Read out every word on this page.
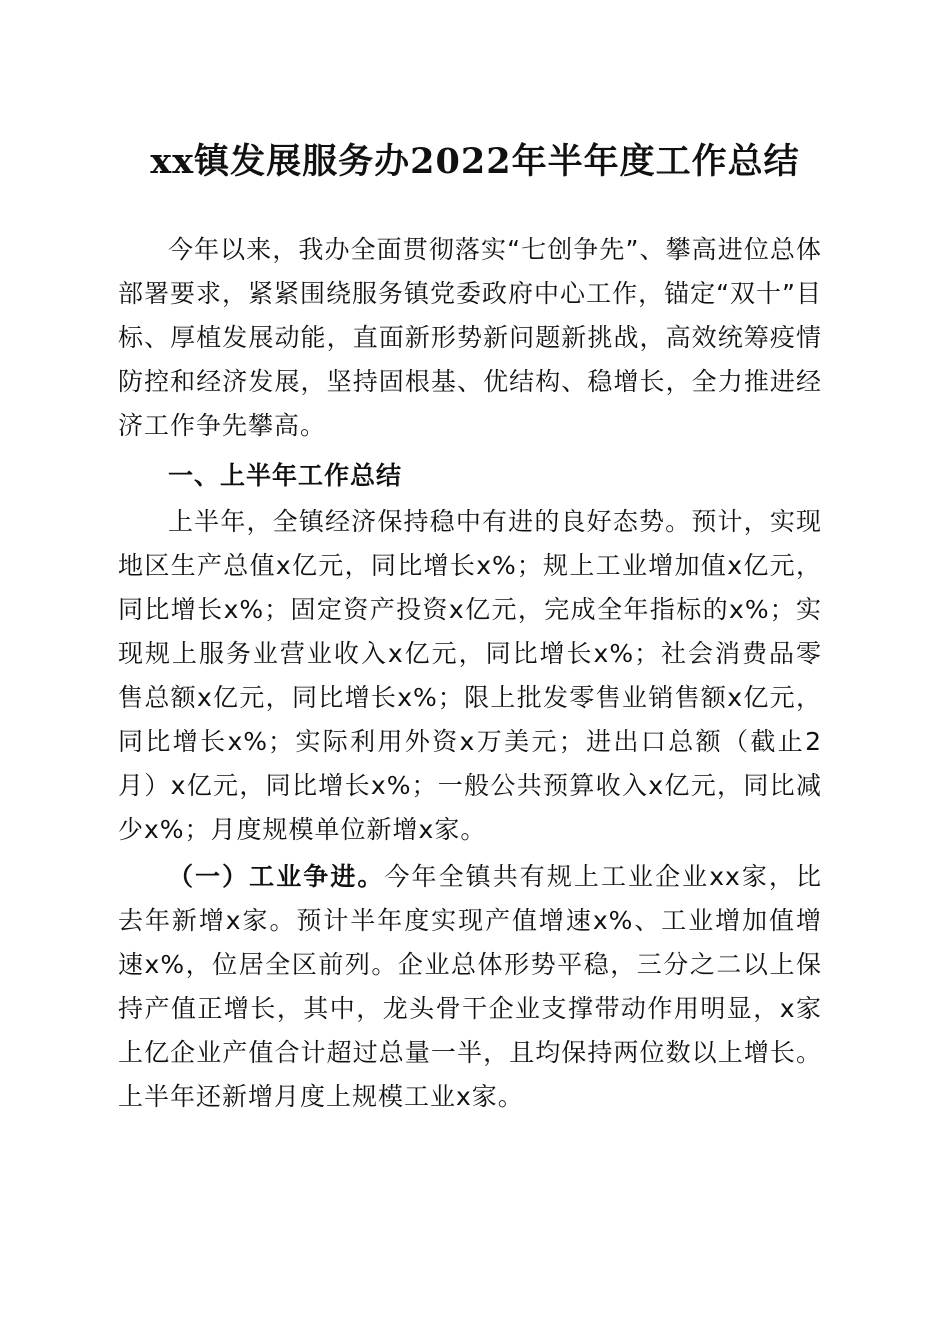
xx镇发展服务办2022年半年度工作总结

今年以来，我办全面贯彻落实“七创争先”、攀高进位总体部署要求，紧紧围绕服务镇党委政府中心工作，锚定“双十”目标、厚植发展动能，直面新形势新问题新挑战，高效统筹疫情防控和经济发展，坚持固根基、优结构、稳增长，全力推进经济工作争先攀高。

一、上半年工作总结

上半年，全镇经济保持稳中有进的良好态势。预计，实现地区生产总值x亿元，同比增长x%；规上工业增加值x亿元，同比增长x%；固定资产投资x亿元，完成全年指标的x%；实现规上服务业营业收入x亿元，同比增长x%；社会消费品零售总额x亿元，同比增长x%；限上批发零售业销售额x亿元，同比增长x%；实际利用外资x万美元；进出口总额（截止2月）x亿元，同比增长x%；一般公共预算收入x亿元，同比减少x%；月度规模单位新增x家。

（一）工业争进。今年全镇共有规上工业企业xx家，比去年新增x家。预计半年度实现产值增速x%、工业增加值增速x%，位居全区前列。企业总体形势平稳，三分之二以上保持产值正增长，其中，龙头骨干企业支撑带动作用明显，x家上亿企业产值合计超过总量一半，且均保持两位数以上增长。上半年还新增月度上规模工业x家。
